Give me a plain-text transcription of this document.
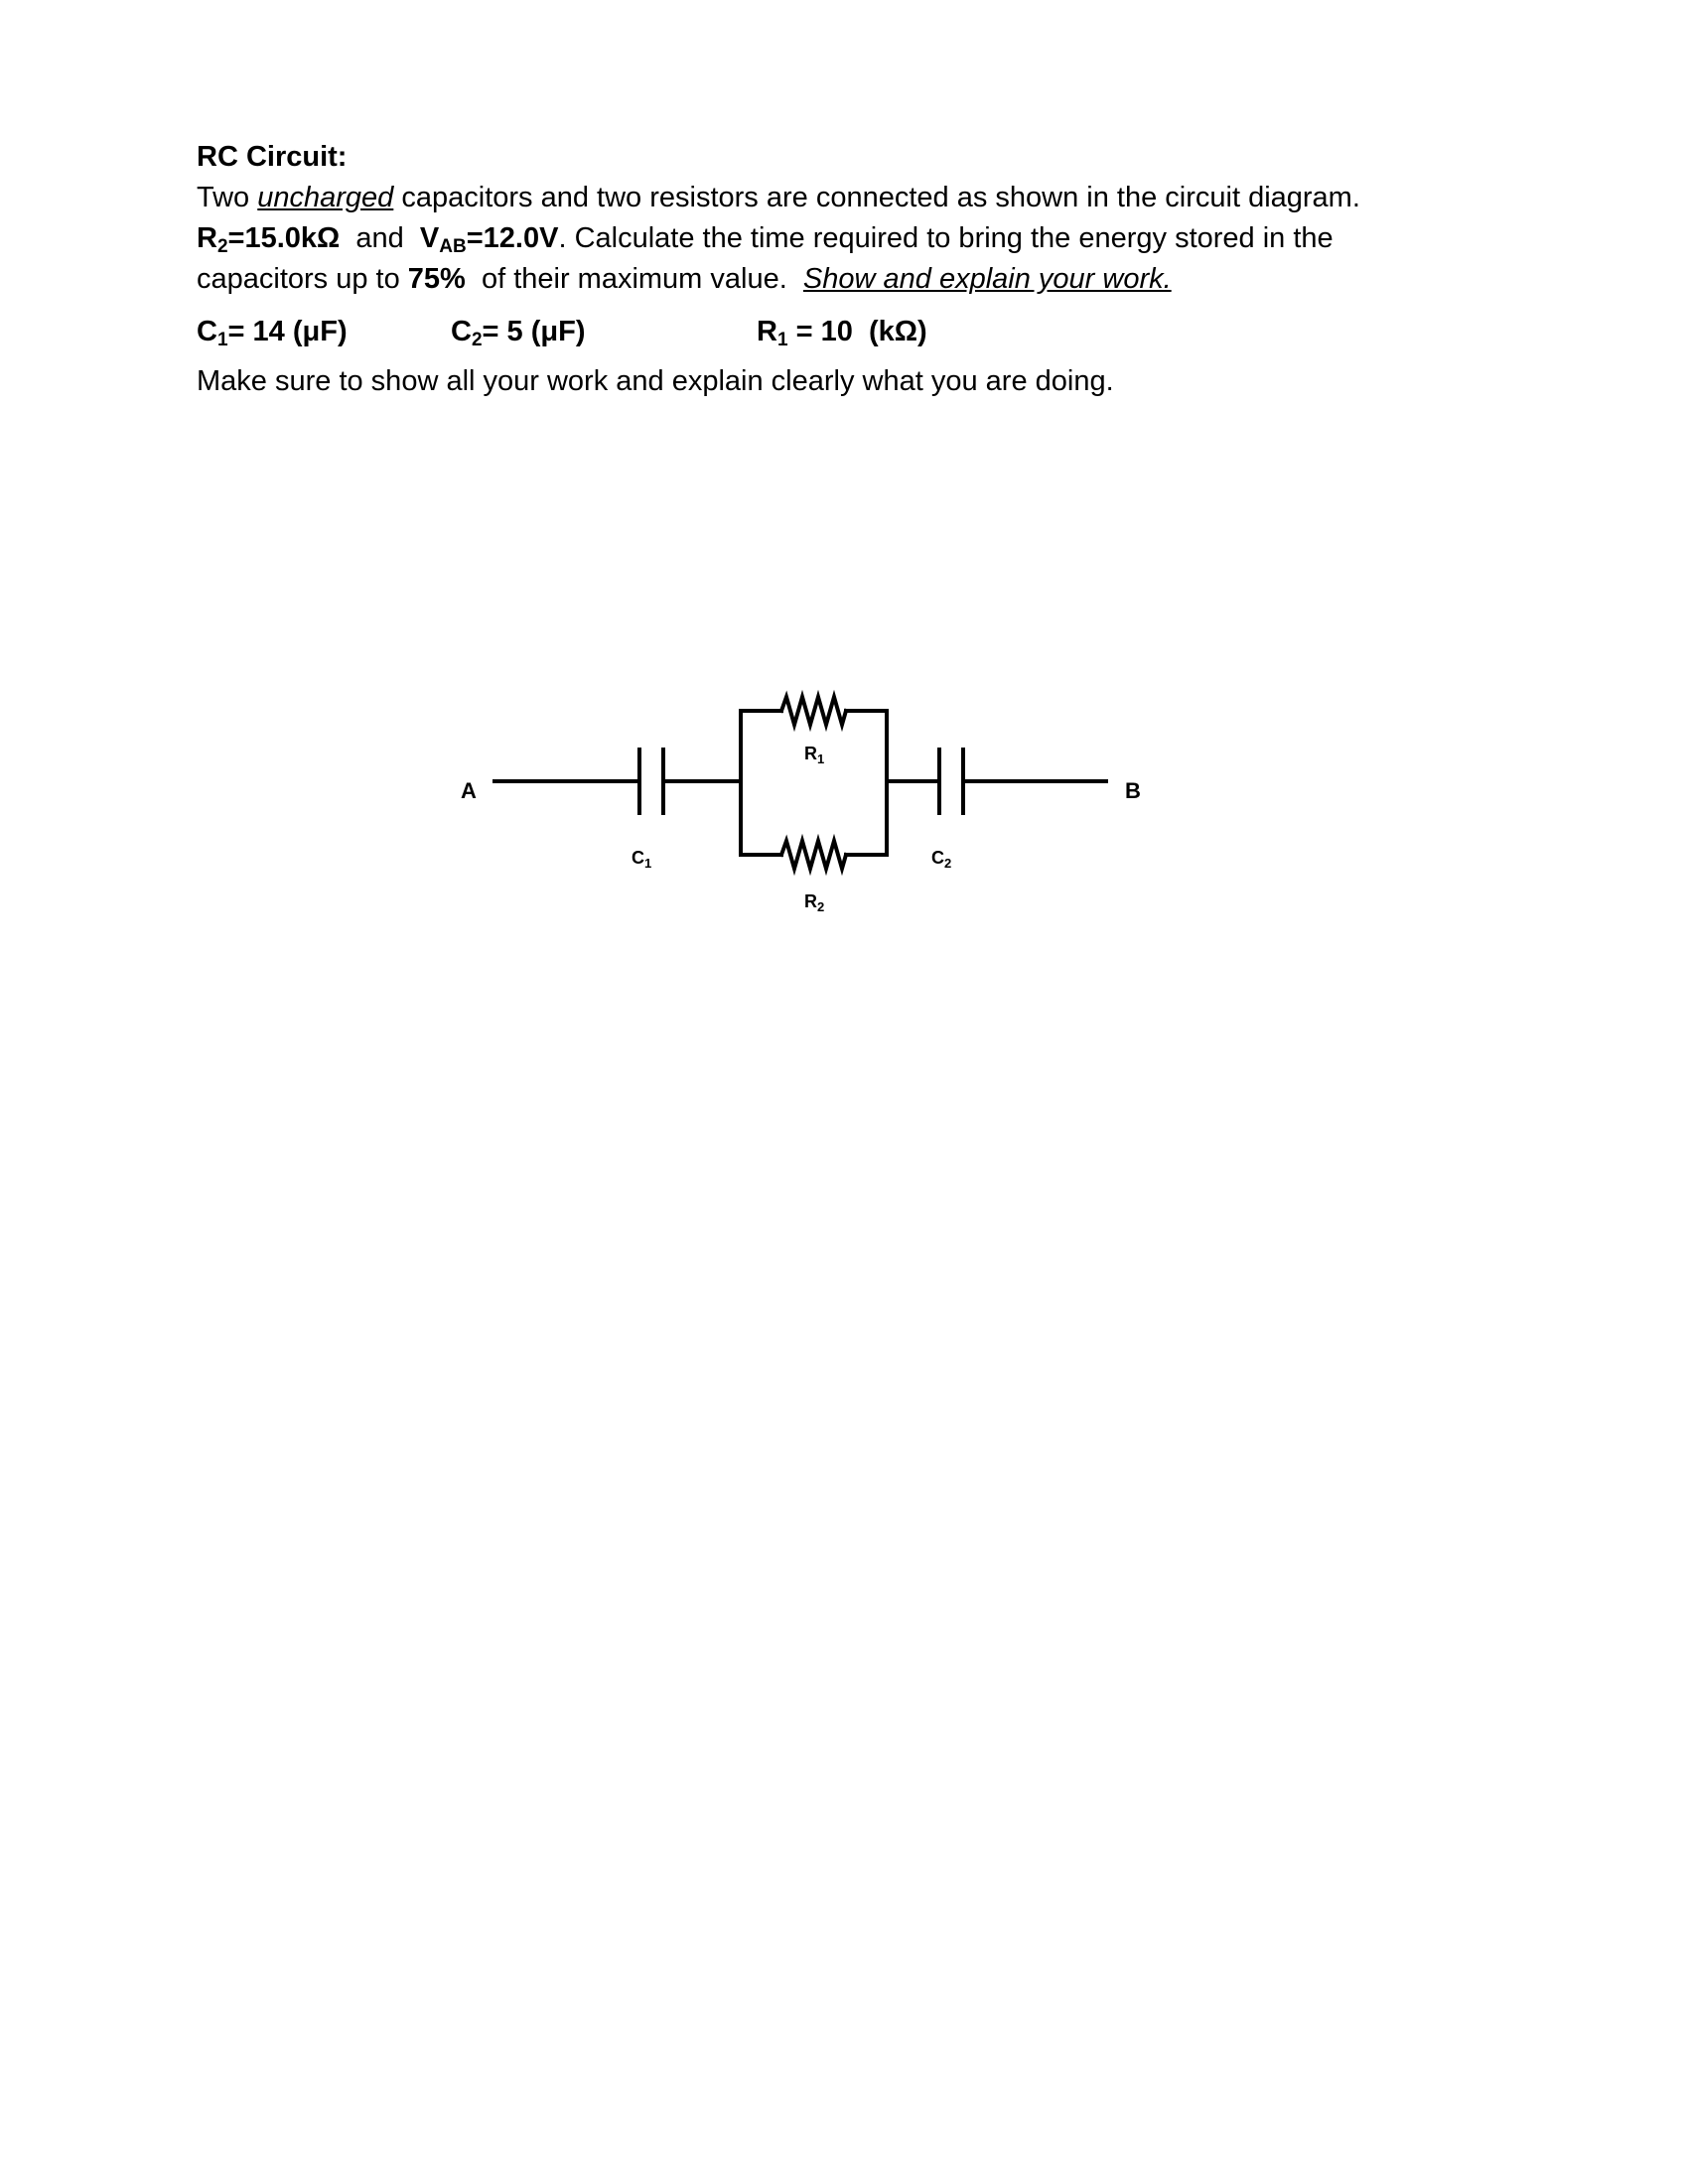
RC Circuit:
Two uncharged capacitors and two resistors are connected as shown in the circuit diagram.
$R_2=15.0k\Omega$  and  $V_{AB}=12.0V$. Calculate the time required to bring the energy stored in the
capacitors up to 75%  of their maximum value.  Show and explain your work.
$C_1= 14$ (μF)	$C_2= 5$ (μF)	$R_1 = 10$  (kΩ)
Make sure to show all your work and explain clearly what you are doing.
A	B
$C_1$	$C_2$
$R_1$
$R_2$
